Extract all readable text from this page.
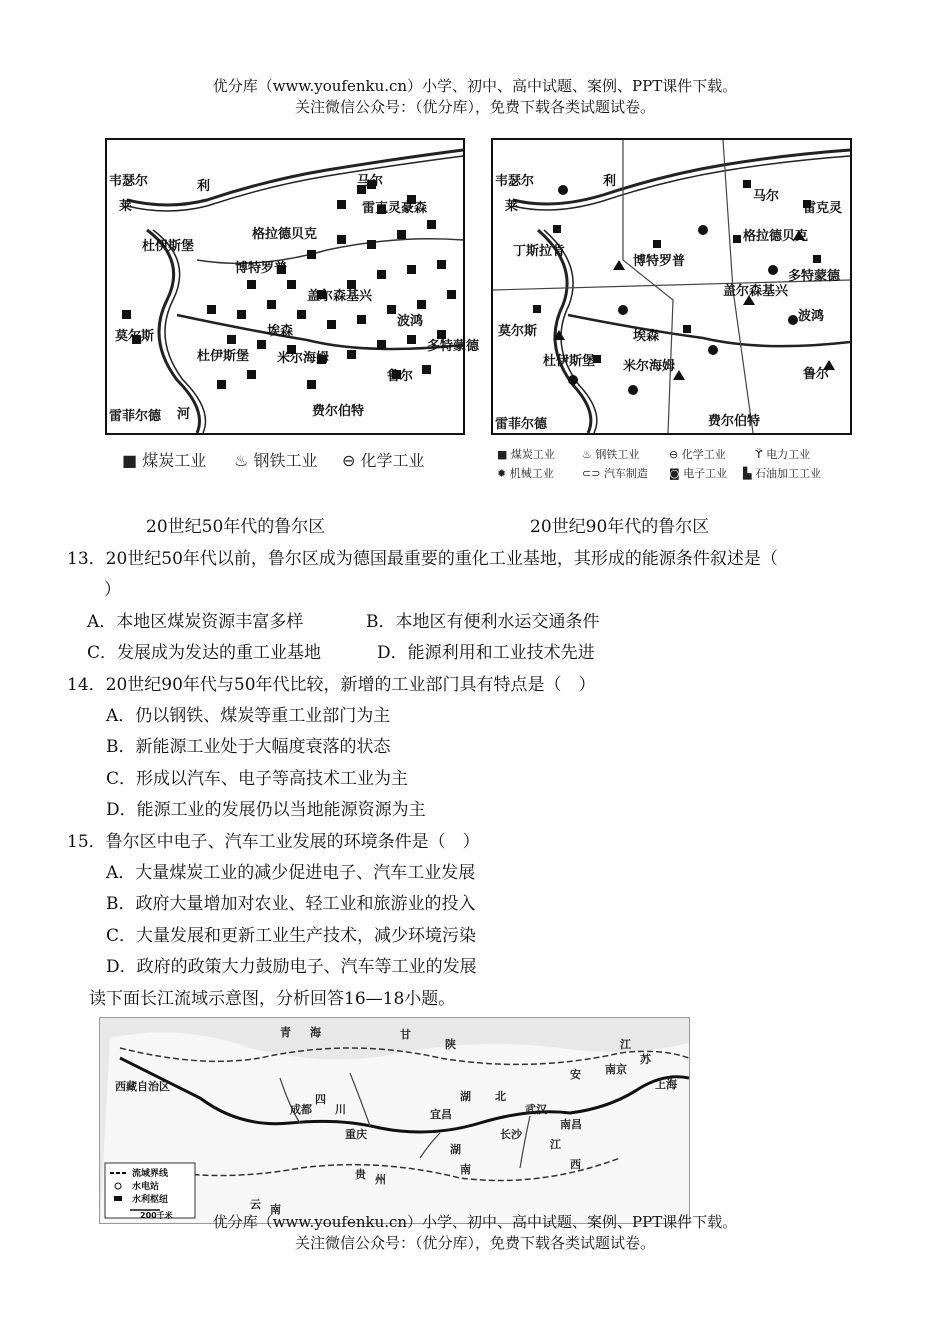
优分库（www.youfenku.cn）小学、初中、高中试题、案例、PPT课件下载。
关注微信公众号：（优分库），免费下载各类试题试卷。
韦瑟尔
莱
利	马尔
雷克灵豪森
格拉德贝克
杜伊斯堡
博特罗普
埃森
盖尔森基兴
波鸿
莫尔斯
杜伊斯堡 米尔海姆
多特蒙德
鲁尔
雷菲尔德 河	费尔伯特
■ 煤炭工业 ♨ 钢铁工业 ⊖ 化学工业
韦瑟尔
莱
利
马尔
雷克灵
格拉德贝克
丁斯拉肯
博特罗普
盖尔森基兴
埃森
莫尔斯
杜伊斯堡 米尔海姆
波鸿
鲁尔
雷菲尔德	费尔伯特
多特蒙德
■ 煤炭工业 ♨ 钢铁工业	⊖ 化学工业	ϔ 电力工业
✹ 机械工业	⊂⊃ 汽车制造 ◙ 电子工业 ▙ 石油加工工业
20世纪50年代的鲁尔区	20世纪90年代的鲁尔区
13．20世纪50年代以前，鲁尔区成为德国最重要的重化工业基地，其形成的能源条件叙述是（
）
A．本地区煤炭资源丰富多样	B．本地区有便利水运交通条件
C．发展成为发达的重工业基地	D．能源利用和工业技术先进
14．20世纪90年代与50年代比较，新增的工业部门具有特点是（　）
A．仍以钢铁、煤炭等重工业部门为主
B．新能源工业处于大幅度衰落的状态
C．形成以汽车、电子等高技术工业为主
D．能源工业的发展仍以当地能源资源为主
15．鲁尔区中电子、汽车工业发展的环境条件是（　）
A．大量煤炭工业的减少促进电子、汽车工业发展
B．政府大量增加对农业、轻工业和旅游业的投入
C．大量发展和更新工业生产技术，减少环境污染
D．政府的政策大力鼓励电子、汽车等工业的发展
读下面长江流域示意图，分析回答16—18小题。
青 海
西藏自治区
四
川
甘
陕
湖 北
安
江
苏
湖
南
江
西
云 南
贵 州
上海
武汉
重庆
南京
宜昌
长沙
南昌
成都
流域界线
水电站
水利枢纽
200千米	优分库（www.youfenku.cn）小学、初中、高中试题、案例、PPT课件下载。
关注微信公众号：（优分库），免费下载各类试题试卷。
